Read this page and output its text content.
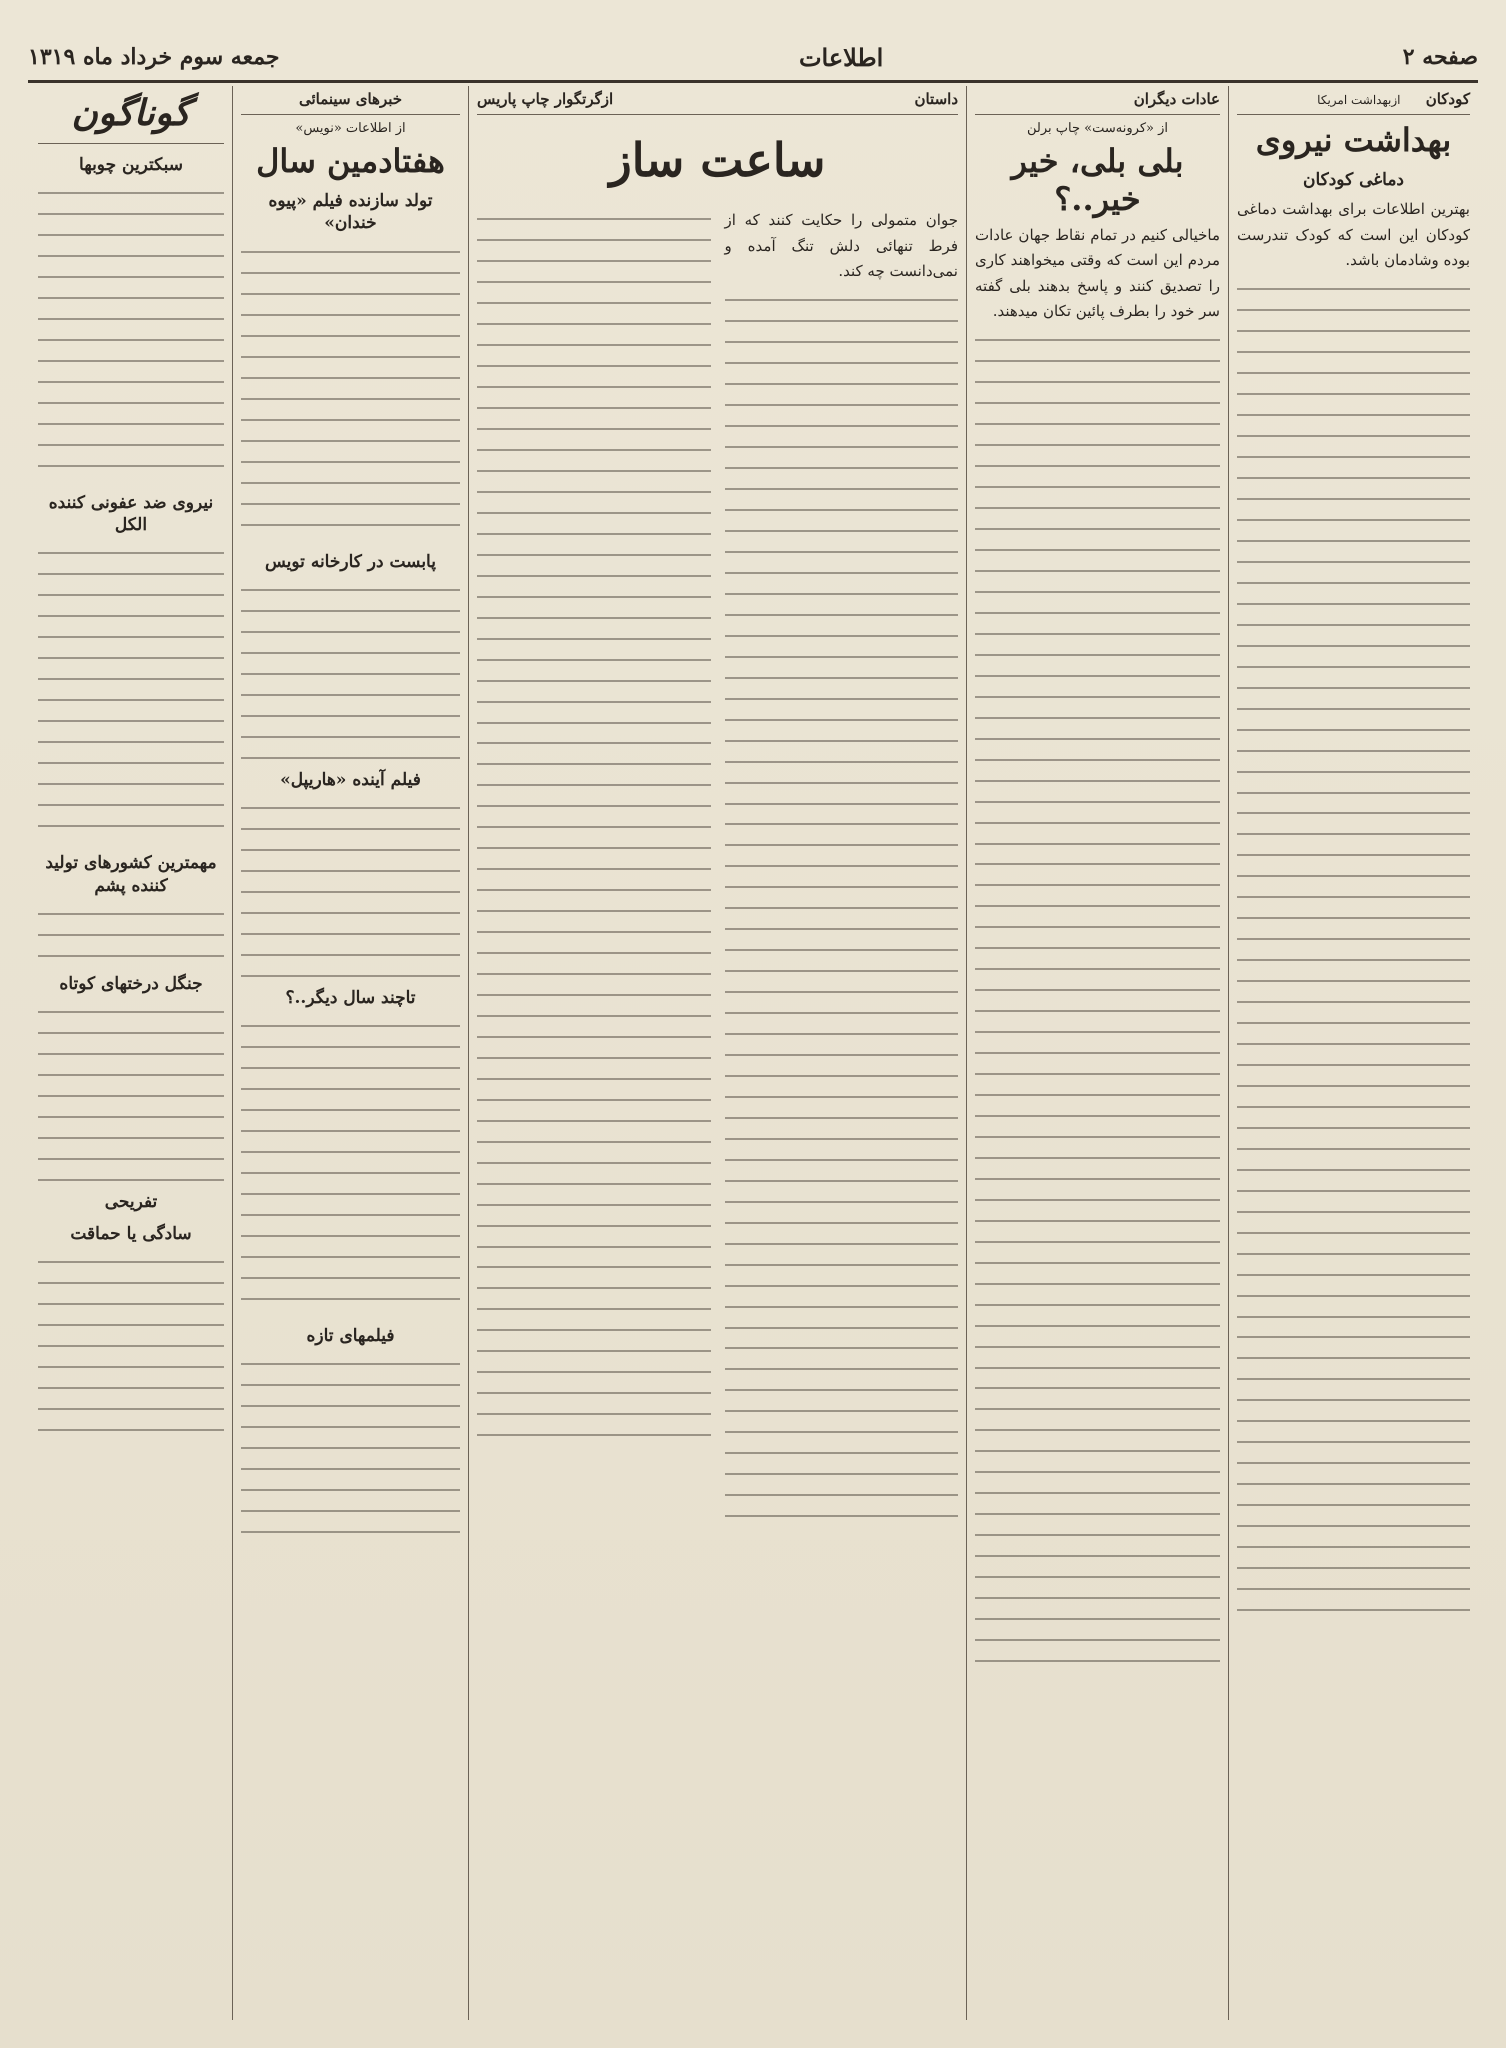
صفحه ۲
اطلاعات
جمعه سوم خرداد ماه ۱۳۱۹
کودکان ازبهداشت امریکا
بهداشت نیروی
دماغی کودکان
بهترین اطلاعات برای بهداشت دماغی کودکان این است که کودک تندرست بوده وشادمان باشد.
عادات دیگران
از «کرونه‌ست» چاپ برلن
بلی بلی، خیر خیر..؟
ماخیالی کنیم در تمام نقاط جهان عادات مردم این است که وقتی میخواهند کاری را تصدیق کنند و پاسخ بدهند بلی گفته سر خود را بطرف پائین تکان میدهند.
داستان
ازگرتگوار چاپ پاریس
ساعت ساز
جوان متمولی را حکایت کنند که از فرط تنهائی دلش تنگ آمده و نمی‌دانست چه کند.
خبرهای سینمائی
از اطلاعات «نویس»
هفتادمین سال
تولد سازنده فیلم «پیوه خندان»
پابست در کارخانه تویس
فیلم آینده «هاریپل»
تاچند سال دیگر..؟
فیلمهای تازه
گوناگون
سبکترین چوبها
نیروی ضد عفونی کننده الکل
مهمترین کشورهای تولید کننده پشم
جنگل درختهای کوتاه
تفریحی
سادگی یا حماقت
